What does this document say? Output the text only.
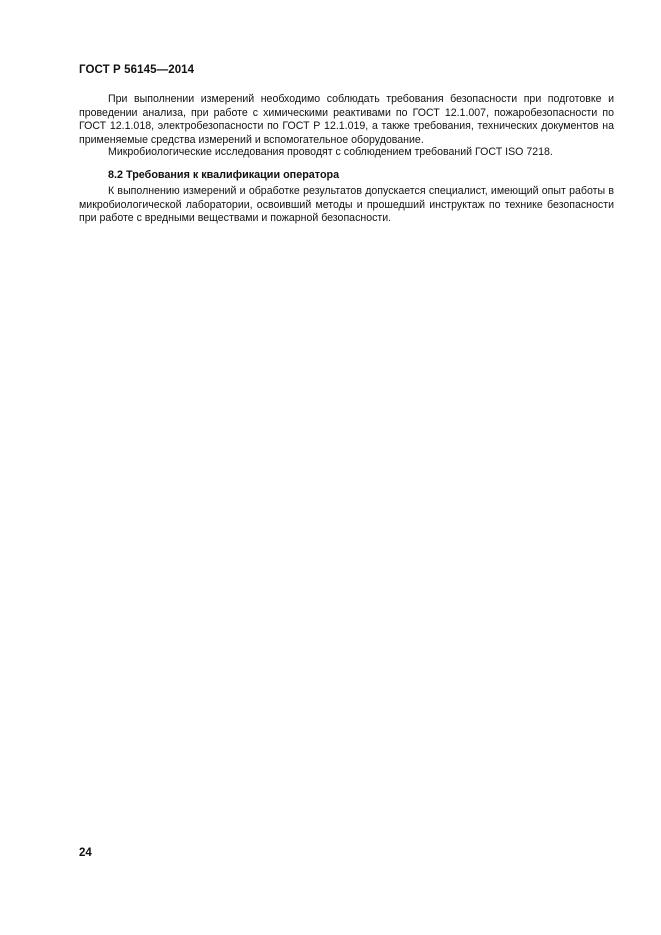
ГОСТ Р 56145—2014

При выполнении измерений необходимо соблюдать требования безопасности при подготовке и проведении анализа, при работе с химическими реактивами по ГОСТ 12.1.007, пожаробезопасности по ГОСТ 12.1.018, электробезопасности по ГОСТ Р 12.1.019, а также требования, технических документов на применяемые средства измерений и вспомогательное оборудование.

Микробиологические исследования проводят с соблюдением требований ГОСТ ISO 7218.

8.2 Требования к квалификации оператора

К выполнению измерений и обработке результатов допускается специалист, имеющий опыт работы в микробиологической лаборатории, освоивший методы и прошедший инструктаж по технике безопасности при работе с вредными веществами и пожарной безопасности.

24
